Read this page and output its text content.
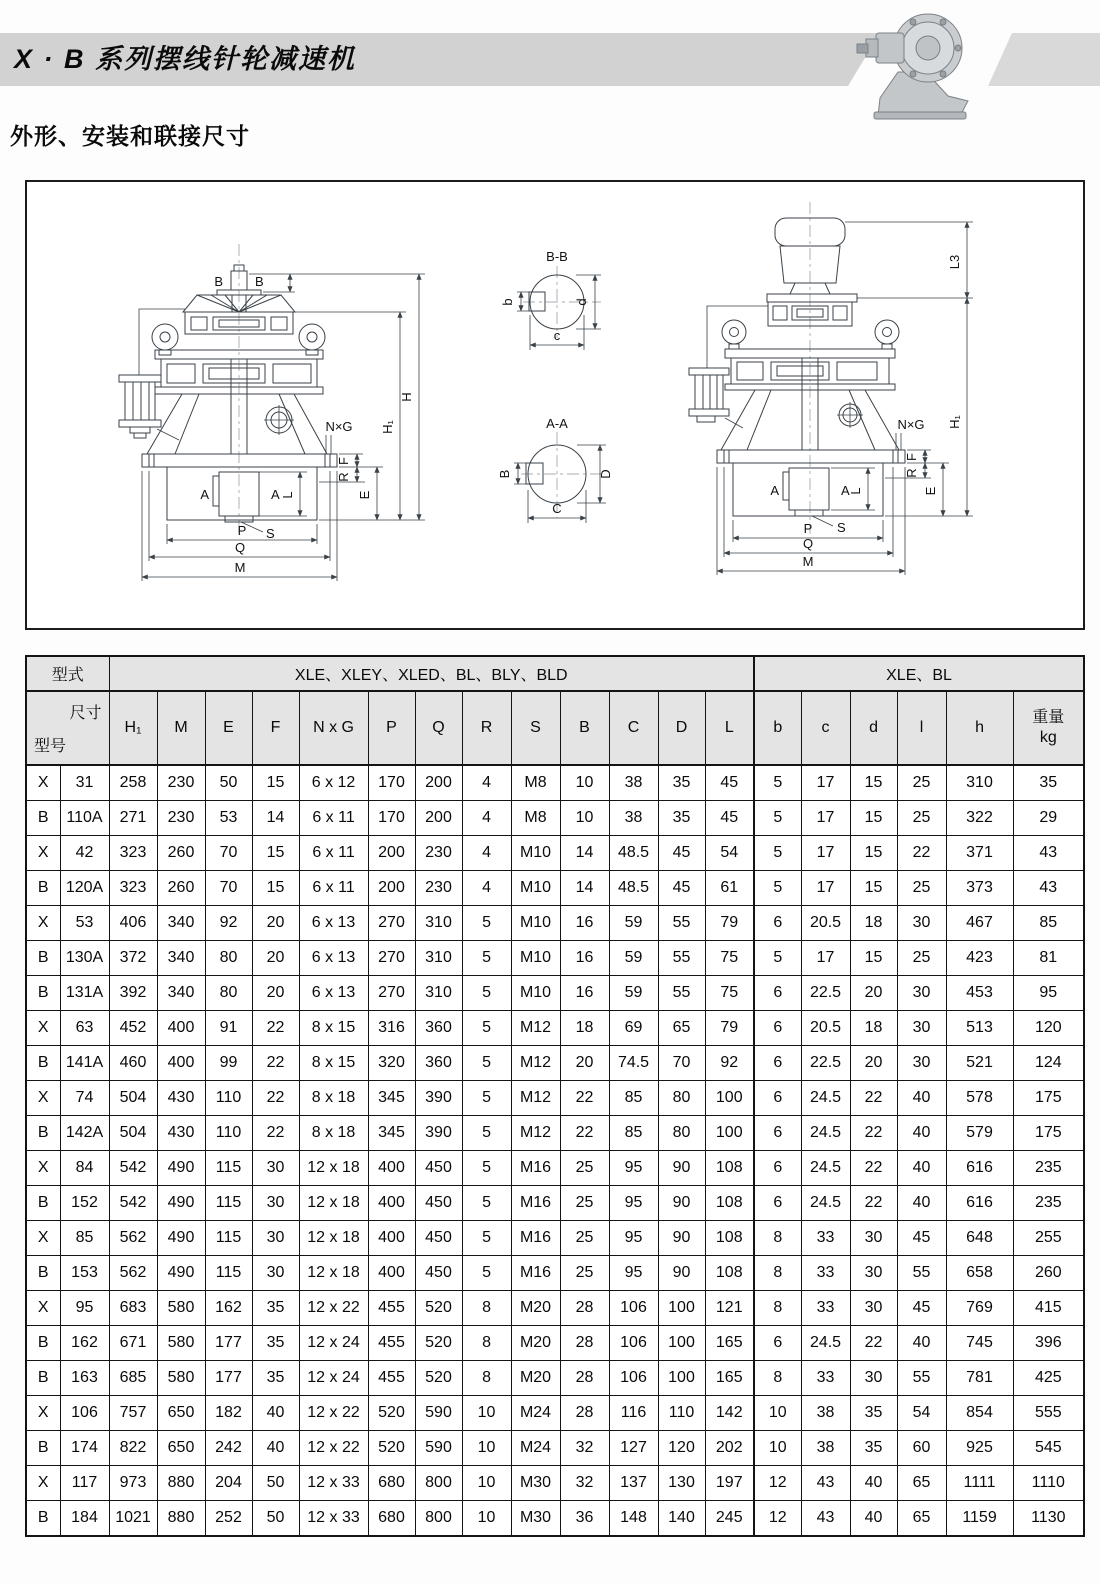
X · B 系列摆线针轮减速机
外形、安装和联接尺寸
B B
H
H₁
N×G
F
R
E
A	A L
S
P
Q
M
B-B
b	d
c
A-A
B	D
C
L3
H₁
N×G
F
R
E
A	A
L
S
P
Q
M
型式		XLE、XLEY、XLED、BL、BLY、BLD													XLE、BL					

尺寸
型号		H₁	M	E	F	N x G	P	Q	R	S	B	C	D	L	b	c	d	l	h	重量
kg

X	31	258	230	50	15	6 x 12	170	200	4	M8	10	38	35	45	5	17	15	25	310	35
B	110A	271	230	53	14	6 x 11	170	200	4	M8	10	38	35	45	5	17	15	25	322	29
X	42	323	260	70	15	6 x 11	200	230	4	M10	14	48.5	45	54	5	17	15	22	371	43
B	120A	323	260	70	15	6 x 11	200	230	4	M10	14	48.5	45	61	5	17	15	25	373	43
X	53	406	340	92	20	6 x 13	270	310	5	M10	16	59	55	79	6	20.5	18	30	467	85
B	130A	372	340	80	20	6 x 13	270	310	5	M10	16	59	55	75	5	17	15	25	423	81
B	131A	392	340	80	20	6 x 13	270	310	5	M10	16	59	55	75	6	22.5	20	30	453	95
X	63	452	400	91	22	8 x 15	316	360	5	M12	18	69	65	79	6	20.5	18	30	513	120
B	141A	460	400	99	22	8 x 15	320	360	5	M12	20	74.5	70	92	6	22.5	20	30	521	124
X	74	504	430	110	22	8 x 18	345	390	5	M12	22	85	80	100	6	24.5	22	40	578	175
B	142A	504	430	110	22	8 x 18	345	390	5	M12	22	85	80	100	6	24.5	22	40	579	175
X	84	542	490	115	30	12 x 18	400	450	5	M16	25	95	90	108	6	24.5	22	40	616	235
B	152	542	490	115	30	12 x 18	400	450	5	M16	25	95	90	108	6	24.5	22	40	616	235
X	85	562	490	115	30	12 x 18	400	450	5	M16	25	95	90	108	8	33	30	45	648	255
B	153	562	490	115	30	12 x 18	400	450	5	M16	25	95	90	108	8	33	30	55	658	260
X	95	683	580	162	35	12 x 22	455	520	8	M20	28	106	100	121	8	33	30	45	769	415
B	162	671	580	177	35	12 x 24	455	520	8	M20	28	106	100	165	6	24.5	22	40	745	396
B	163	685	580	177	35	12 x 24	455	520	8	M20	28	106	100	165	8	33	30	55	781	425
X	106	757	650	182	40	12 x 22	520	590	10	M24	28	116	110	142	10	38	35	54	854	555
B	174	822	650	242	40	12 x 22	520	590	10	M24	32	127	120	202	10	38	35	60	925	545
X	117	973	880	204	50	12 x 33	680	800	10	M30	32	137	130	197	12	43	40	65	1111	1110
B	184	1021	880	252	50	12 x 33	680	800	10	M30	36	148	140	245	12	43	40	65	1159	1130
